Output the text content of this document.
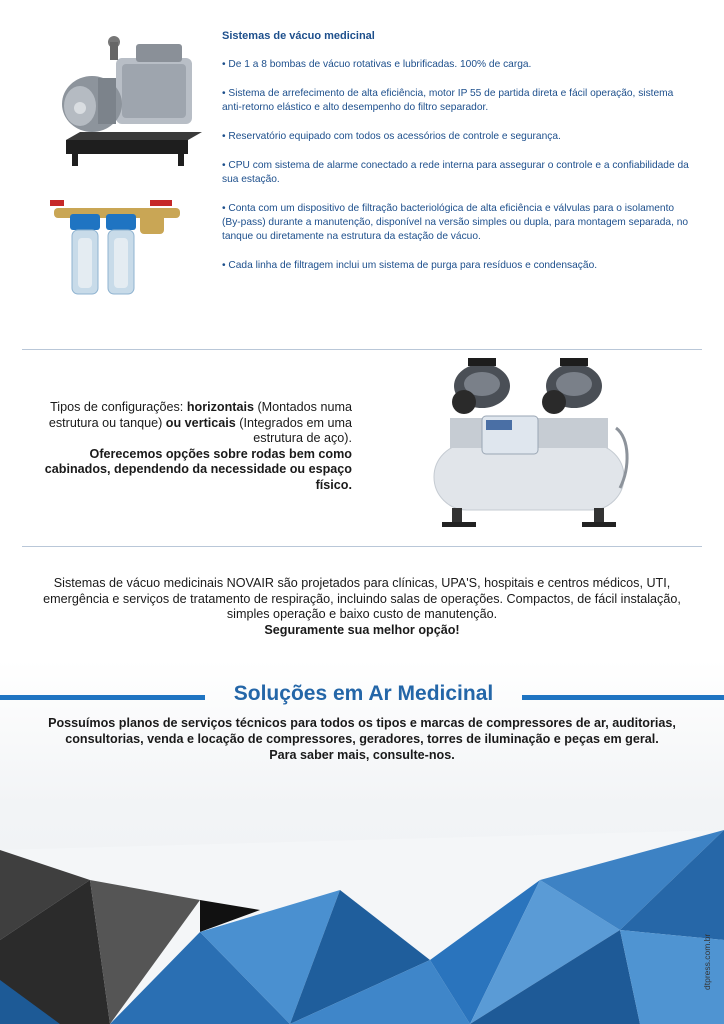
Sistemas de vácuo medicinal
• De 1 a 8 bombas de vácuo rotativas e lubrificadas. 100% de carga.
• Sistema de arrefecimento de alta eficiência, motor IP 55 de partida direta e fácil operação, sistema anti-retorno elástico e alto desempenho do filtro separador.
• Reservatório equipado com todos os acessórios de controle e segurança.
• CPU com sistema de alarme conectado a rede interna para assegurar o controle e a confiabilidade da sua estação.
• Conta com um dispositivo de filtração bacteriológica de alta eficiência e válvulas para o isolamento (By-pass) durante a manutenção, disponível na versão simples ou dupla, para montagem separada, no tanque ou diretamente na estrutura da estação de vácuo.
• Cada linha de filtragem inclui um sistema de purga para resíduos e condensação.
Tipos de configurações: horizontais (Montados numa estrutura ou tanque) ou verticais (Integrados em uma estrutura de aço).
Oferecemos opções sobre rodas bem como cabinados, dependendo da necessidade ou espaço físico.
Sistemas de vácuo medicinais NOVAIR são projetados para clínicas, UPA'S, hospitais e centros médicos, UTI, emergência e serviços de tratamento de respiração, incluindo salas de operações. Compactos, de fácil instalação, simples operação e baixo custo de manutenção.
Seguramente sua melhor opção!
Soluções em Ar Medicinal
Possuímos planos de serviços técnicos para todos os tipos e marcas de compressores de ar, auditorias, consultorias, venda e locação de compressores, geradores, torres de iluminação e peças em geral.
Para saber mais, consulte-nos.
dtpress.com.br
